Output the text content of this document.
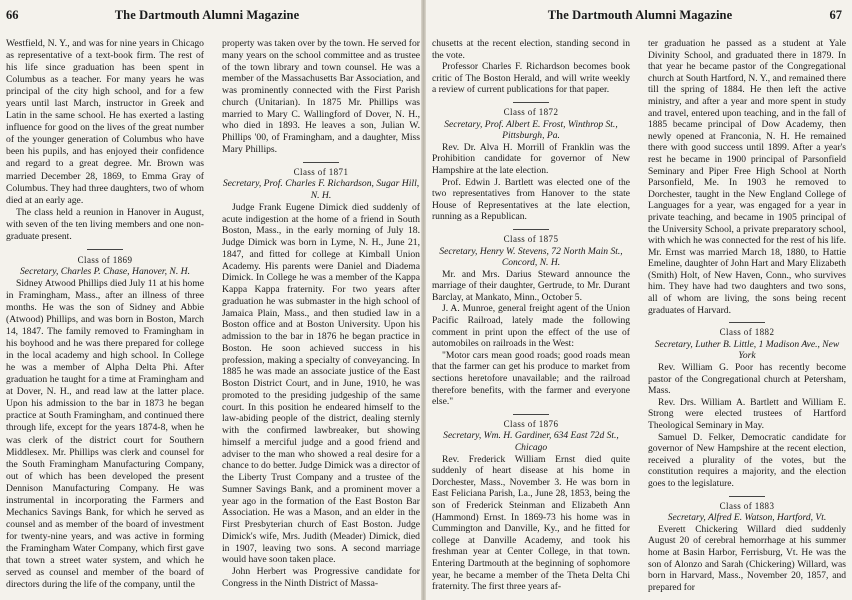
66	The Dartmouth Alumni Magazine

Westfield, N. Y., and was for nine years in Chicago as representative of a text-book firm. The rest of his life since graduation has been spent in Columbus as a teacher. For many years he was principal of the city high school, and for a few years until last March, instructor in Greek and Latin in the same school. He has exerted a lasting influence for good on the lives of the great number of the younger generation of Columbus who have been his pupils, and has enjoyed their confidence and regard to a great degree. Mr. Brown was married December 28, 1869, to Emma Gray of Columbus. They had three daughters, two of whom died at an early age.

The class held a reunion in Hanover in August, with seven of the ten living members and one non-graduate present.

Class of 1869

Secretary, Charles P. Chase, Hanover, N. H.

Sidney Atwood Phillips died July 11 at his home in Framingham, Mass., after an illness of three months. He was the son of Sidney and Abbie (Atwood) Phillips, and was born in Boston, March 14, 1847. The family removed to Framingham in his boyhood and he was there prepared for college in the local academy and high school. In College he was a member of Alpha Delta Phi. After graduation he taught for a time at Framingham and at Dover, N. H., and read law at the latter place. Upon his admission to the bar in 1873 he began practice at South Framingham, and continued there through life, except for the years 1874-8, when he was clerk of the district court for Southern Middlesex. Mr. Phillips was clerk and counsel for the South Framingham Manufacturing Company, out of which has been developed the present Dennison Manufacturing Company. He was instrumental in incorporating the Farmers and Mechanics Savings Bank, for which he served as counsel and as member of the board of investment for twenty-nine years, and was active in forming the Framingham Water Company, which first gave that town a street water system, and which he served as counsel and member of the board of directors during the life of the company, until the

property was taken over by the town. He served for many years on the school committee and as trustee of the town library and town counsel. He was a member of the Massachusetts Bar Association, and was prominently connected with the First Parish church (Unitarian). In 1875 Mr. Phillips was married to Mary C. Wallingford of Dover, N. H., who died in 1893. He leaves a son, Julian W. Phillips '00, of Framingham, and a daughter, Miss Mary Phillips.

Class of 1871

Secretary, Prof. Charles F. Richardson, Sugar Hill, N. H.

Judge Frank Eugene Dimick died suddenly of acute indigestion at the home of a friend in South Boston, Mass., in the early morning of July 18. Judge Dimick was born in Lyme, N. H., June 21, 1847, and fitted for college at Kimball Union Academy. His parents were Daniel and Diadema Dimick. In College he was a member of the Kappa Kappa Kappa fraternity. For two years after graduation he was submaster in the high school of Jamaica Plain, Mass., and then studied law in a Boston office and at Boston University. Upon his admission to the bar in 1876 he began practice in Boston. He soon achieved success in his profession, making a specialty of conveyancing. In 1885 he was made an associate justice of the East Boston District Court, and in June, 1910, he was promoted to the presiding judgeship of the same court. In this position he endeared himself to the law-abiding people of the district, dealing sternly with the confirmed lawbreaker, but showing himself a merciful judge and a good friend and adviser to the man who showed a real desire for a chance to do better. Judge Dimick was a director of the Liberty Trust Company and a trustee of the Sumner Savings Bank, and a prominent mover a year ago in the formation of the East Boston Bar Association. He was a Mason, and an elder in the First Presbyterian church of East Boston. Judge Dimick's wife, Mrs. Judith (Meader) Dimick, died in 1907, leaving two sons. A second marriage would have soon taken place.

John Herbert was Progressive candidate for Congress in the Ninth District of Massa-

The Dartmouth Alumni Magazine	67

chusetts at the recent election, standing second in the vote.

Professor Charles F. Richardson becomes book critic of The Boston Herald, and will write weekly a review of current publications for that paper.

Class of 1872

Secretary, Prof. Albert E. Frost, Winthrop St., Pittsburgh, Pa.

Rev. Dr. Alva H. Morrill of Franklin was the Prohibition candidate for governor of New Hampshire at the late election.

Prof. Edwin J. Bartlett was elected one of the two representatives from Hanover to the state House of Representatives at the late election, running as a Republican.

Class of 1875

Secretary, Henry W. Stevens, 72 North Main St., Concord, N. H.

Mr. and Mrs. Darius Steward announce the marriage of their daughter, Gertrude, to Mr. Durant Barclay, at Mankato, Minn., October 5.

J. A. Munroe, general freight agent of the Union Pacific Railroad, lately made the following comment in print upon the effect of the use of automobiles on railroads in the West:

"Motor cars mean good roads; good roads mean that the farmer can get his produce to market from sections heretofore unavailable; and the railroad therefore benefits, with the farmer and everyone else."

Class of 1876

Secretary, Wm. H. Gardiner, 634 East 72d St., Chicago

Rev. Frederick William Ernst died quite suddenly of heart disease at his home in Dorchester, Mass., November 3. He was born in East Feliciana Parish, La., June 28, 1853, being the son of Frederick Steinman and Elizabeth Ann (Hammond) Ernst. In 1869-73 his home was in Cummington and Danville, Ky., and he fitted for college at Danville Academy, and took his freshman year at Center College, in that town. Entering Dartmouth at the beginning of sophomore year, he became a member of the Theta Delta Chi fraternity. The first three years af-

ter graduation he passed as a student at Yale Divinity School, and graduated there in 1879. In that year he became pastor of the Congregational church at South Hartford, N. Y., and remained there till the spring of 1884. He then left the active ministry, and after a year and more spent in study and travel, entered upon teaching, and in the fall of 1885 became principal of Dow Academy, then newly opened at Franconia, N. H. He remained there with good success until 1899. After a year's rest he became in 1900 principal of Parsonfield Seminary and Piper Free High School at North Parsonfield, Me. In 1903 he removed to Dorchester, taught in the New England College of Languages for a year, was engaged for a year in private teaching, and became in 1905 principal of the University School, a private preparatory school, with which he was connected for the rest of his life. Mr. Ernst was married March 18, 1880, to Hattie Emeline, daughter of John Hart and Mary Elizabeth (Smith) Holt, of New Haven, Conn., who survives him. They have had two daughters and two sons, all of whom are living, the sons being recent graduates of Harvard.

Class of 1882

Secretary, Luther B. Little, 1 Madison Ave., New York

Rev. William G. Poor has recently become pastor of the Congregational church at Petersham, Mass.

Rev. Drs. William A. Bartlett and William E. Strong were elected trustees of Hartford Theological Seminary in May.

Samuel D. Felker, Democratic candidate for governor of New Hampshire at the recent election, received a plurality of the votes, but the constitution requires a majority, and the election goes to the legislature.

Class of 1883

Secretary, Alfred E. Watson, Hartford, Vt.

Everett Chickering Willard died suddenly August 20 of cerebral hemorrhage at his summer home at Basin Harbor, Ferrisburg, Vt. He was the son of Alonzo and Sarah (Chickering) Willard, was born in Harvard, Mass., November 20, 1857, and prepared for
